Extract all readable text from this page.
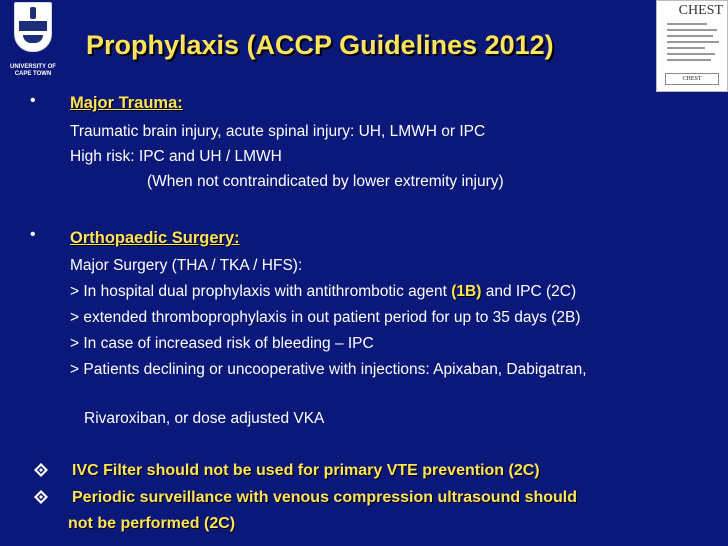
UNIVERSITY OF
CAPE TOWN
Prophylaxis (ACCP Guidelines 2012)
CHEST
CHEST
• Major Trauma:
Traumatic brain injury, acute spinal injury: UH, LMWH or IPC
High risk: IPC and UH / LMWH
(When not contraindicated by lower extremity injury)
• Orthopaedic Surgery:
Major Surgery (THA / TKA / HFS):
> In hospital dual prophylaxis with antithrombotic agent (1B) and IPC (2C)
> extended thromboprophylaxis in out patient period for up to 35 days (2B)
> In case of increased risk of bleeding – IPC
> Patients declining or uncooperative with injections: Apixaban, Dabigatran,
Rivaroxiban, or dose adjusted VKA
IVC Filter should not be used for primary VTE prevention (2C)
Periodic surveillance with venous compression ultrasound should
not be performed (2C)
